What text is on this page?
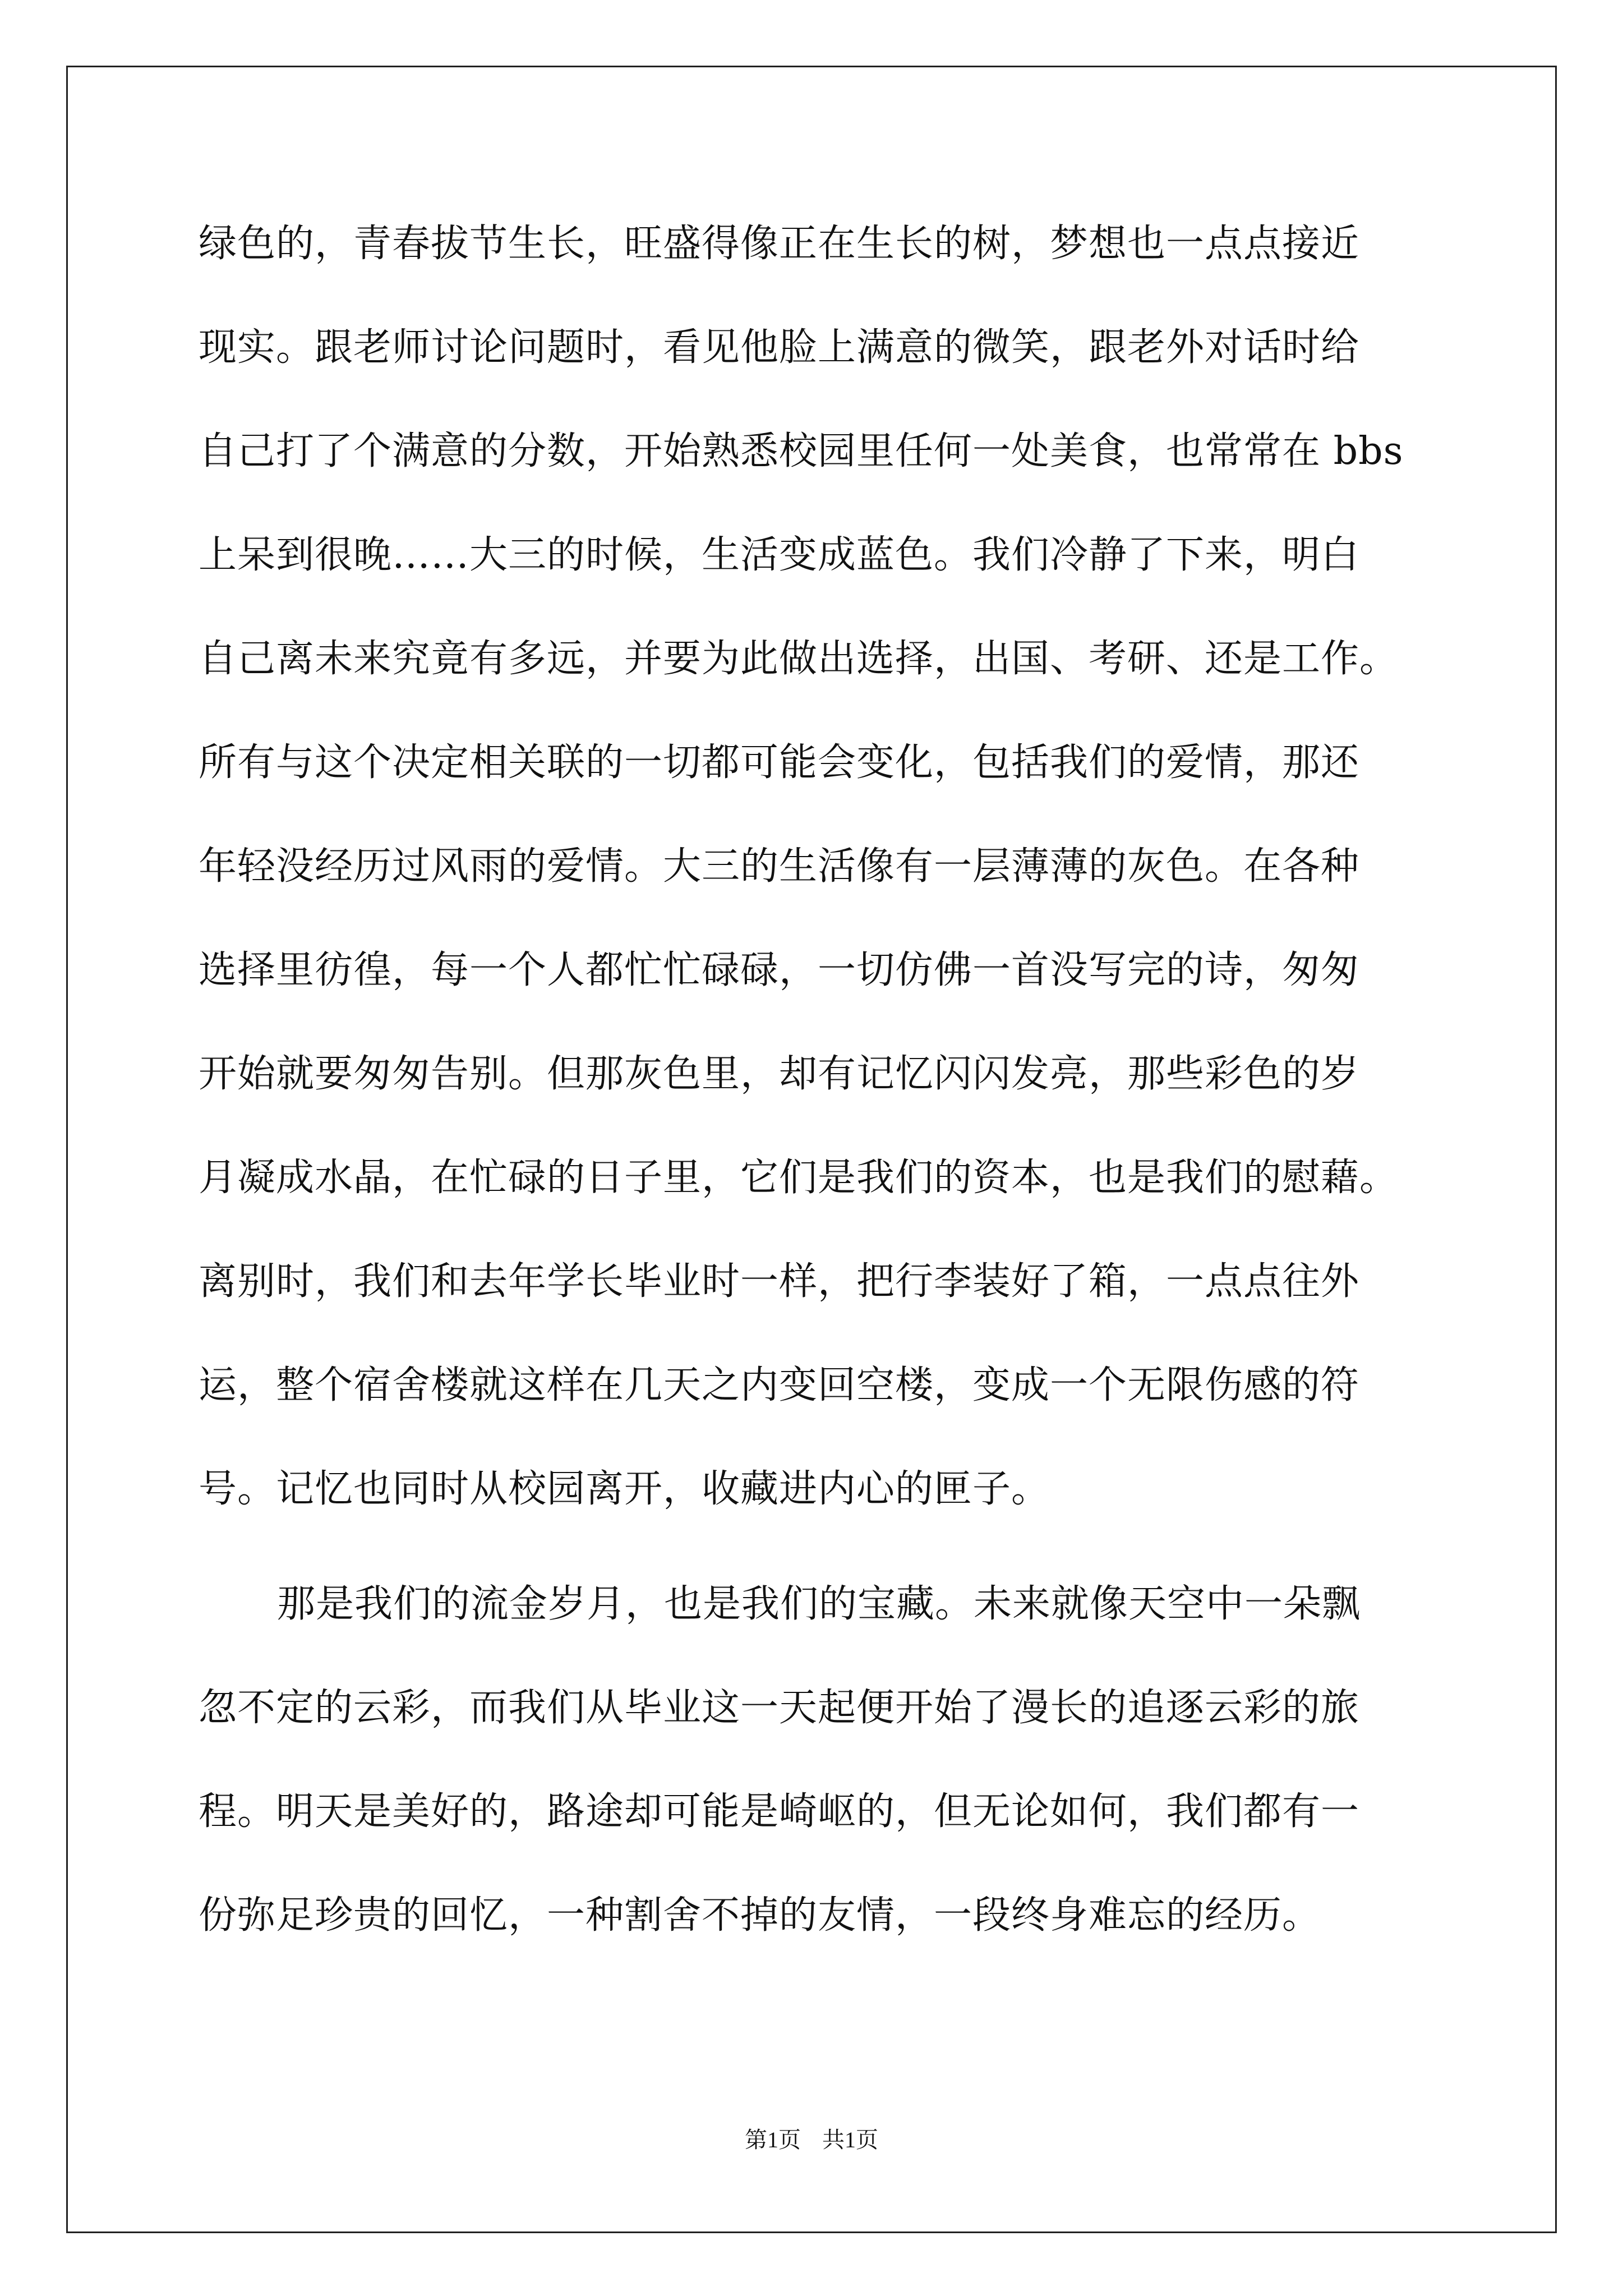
绿色的，青春拔节生长，旺盛得像正在生长的树，梦想也一点点接近
现实。跟老师讨论问题时，看见他脸上满意的微笑，跟老外对话时给
自己打了个满意的分数，开始熟悉校园里任何一处美食，也常常在 bbs
上呆到很晚……大三的时候，生活变成蓝色。我们冷静了下来，明白
自己离未来究竟有多远，并要为此做出选择，出国、考研、还是工作。
所有与这个决定相关联的一切都可能会变化，包括我们的爱情，那还
年轻没经历过风雨的爱情。大三的生活像有一层薄薄的灰色。在各种
选择里彷徨，每一个人都忙忙碌碌，一切仿佛一首没写完的诗，匆匆
开始就要匆匆告别。但那灰色里，却有记忆闪闪发亮，那些彩色的岁
月凝成水晶，在忙碌的日子里，它们是我们的资本，也是我们的慰藉。
离别时，我们和去年学长毕业时一样，把行李装好了箱，一点点往外
运，整个宿舍楼就这样在几天之内变回空楼，变成一个无限伤感的符
号。记忆也同时从校园离开，收藏进内心的匣子。
那是我们的流金岁月，也是我们的宝藏。未来就像天空中一朵飘
忽不定的云彩，而我们从毕业这一天起便开始了漫长的追逐云彩的旅
程。明天是美好的，路途却可能是崎岖的，但无论如何，我们都有一
份弥足珍贵的回忆，一种割舍不掉的友情，一段终身难忘的经历。
第1页 共1页
